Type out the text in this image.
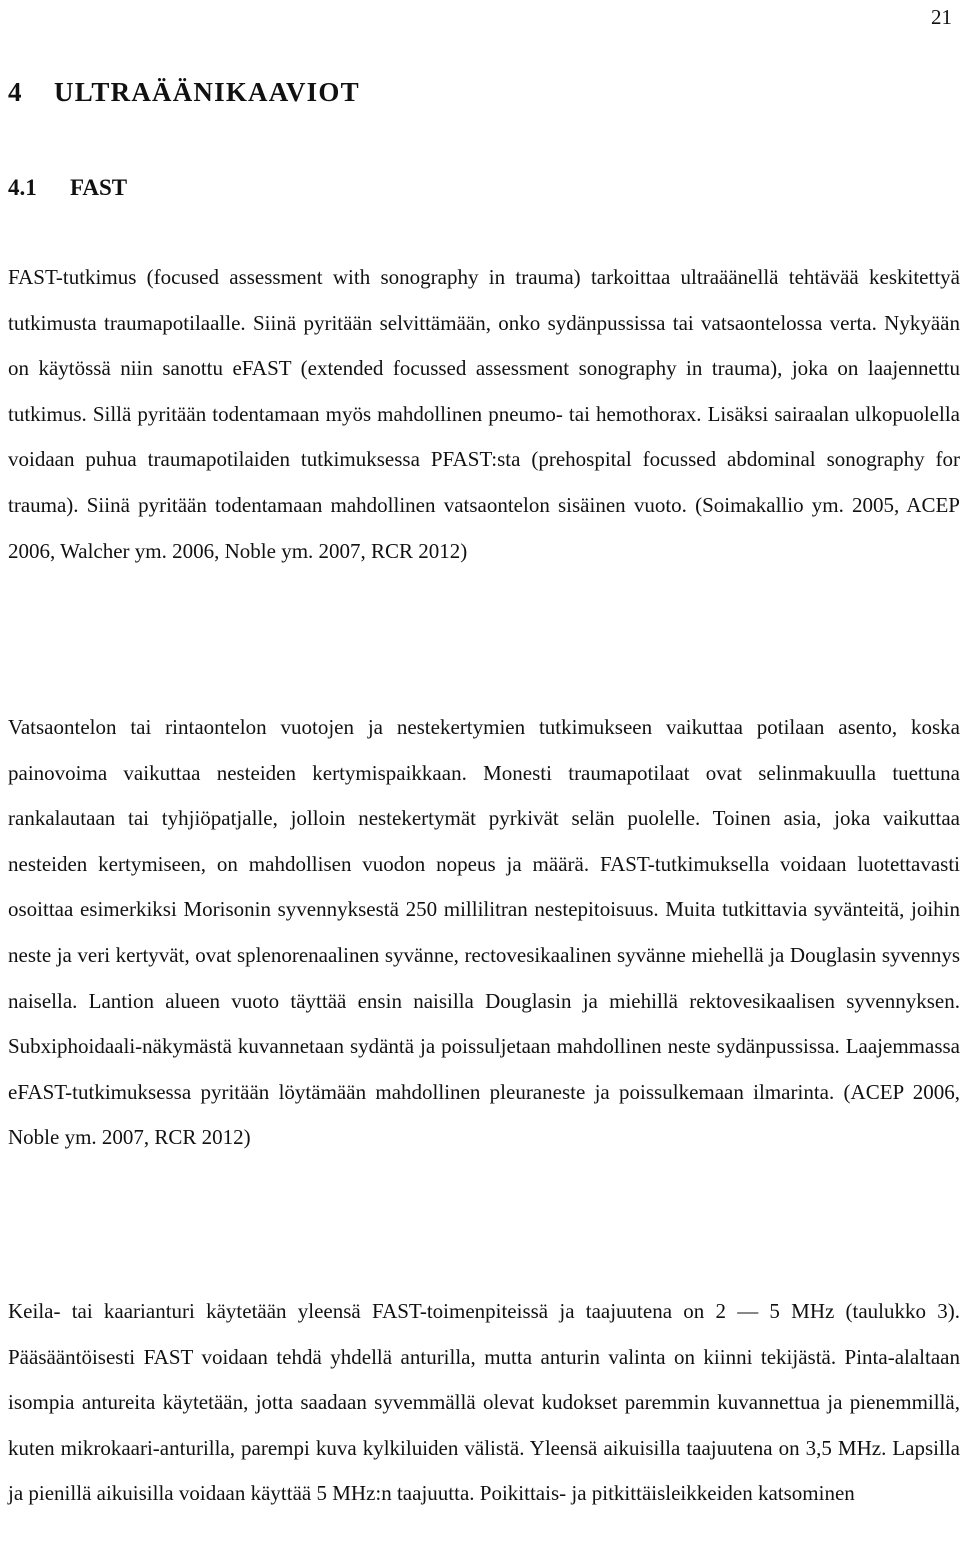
21
4 ULTRAÄÄNIKAAVIOT
4.1 FAST

FAST-tutkimus (focused assessment with sonography in trauma) tarkoittaa ultraäänellä tehtävää keskitettyä tutkimusta traumapotilaalle. Siinä pyritään selvittämään, onko sydänpussissa tai vatsaontelossa verta. Nykyään on käytössä niin sanottu eFAST (extended focussed assessment sonography in trauma), joka on laajennettu tutkimus. Sillä pyritään todentamaan myös mahdollinen pneumo- tai hemothorax. Lisäksi sairaalan ulkopuolella voidaan puhua traumapotilaiden tutkimuksessa PFAST:sta (prehospital focussed abdominal sonography for trauma). Siinä pyritään todentamaan mahdollinen vatsaontelon sisäinen vuoto. (Soimakallio ym. 2005, ACEP 2006, Walcher ym. 2006, Noble ym. 2007, RCR 2012)

Vatsaontelon tai rintaontelon vuotojen ja nestekertymien tutkimukseen vaikuttaa potilaan asento, koska painovoima vaikuttaa nesteiden kertymispaikkaan. Monesti traumapotilaat ovat selinmakuulla tuettuna rankalautaan tai tyhjiöpatjalle, jolloin nestekertymät pyrkivät selän puolelle. Toinen asia, joka vaikuttaa nesteiden kertymiseen, on mahdollisen vuodon nopeus ja määrä. FAST-tutkimuksella voidaan luotettavasti osoittaa esimerkiksi Morisonin syvennyksestä 250 millilitran nestepitoisuus. Muita tutkittavia syvänteitä, joihin neste ja veri kertyvät, ovat splenorenaalinen syvänne, rectovesikaalinen syvänne miehellä ja Douglasin syvennys naisella. Lantion alueen vuoto täyttää ensin naisilla Douglasin ja miehillä rektovesikaalisen syvennyksen. Subxiphoidaali-näkymästä kuvannetaan sydäntä ja poissuljetaan mahdollinen neste sydänpussissa. Laajemmassa eFAST-tutkimuksessa pyritään löytämään mahdollinen pleuraneste ja poissulkemaan ilmarinta. (ACEP 2006, Noble ym. 2007, RCR 2012)

Keila- tai kaarianturi käytetään yleensä FAST-toimenpiteissä ja taajuutena on 2 ― 5 MHz (taulukko 3). Pääsääntöisesti FAST voidaan tehdä yhdellä anturilla, mutta anturin valinta on kiinni tekijästä. Pinta-alaltaan isompia antureita käytetään, jotta saadaan syvemmällä olevat kudokset paremmin kuvannettua ja pienemmillä, kuten mikrokaari-anturilla, parempi kuva kylkiluiden välistä. Yleensä aikuisilla taajuutena on 3,5 MHz. Lapsilla ja pienillä aikuisilla voidaan käyttää 5 MHz:n taajuutta. Poikittais- ja pitkittäisleikkeiden katsominen
